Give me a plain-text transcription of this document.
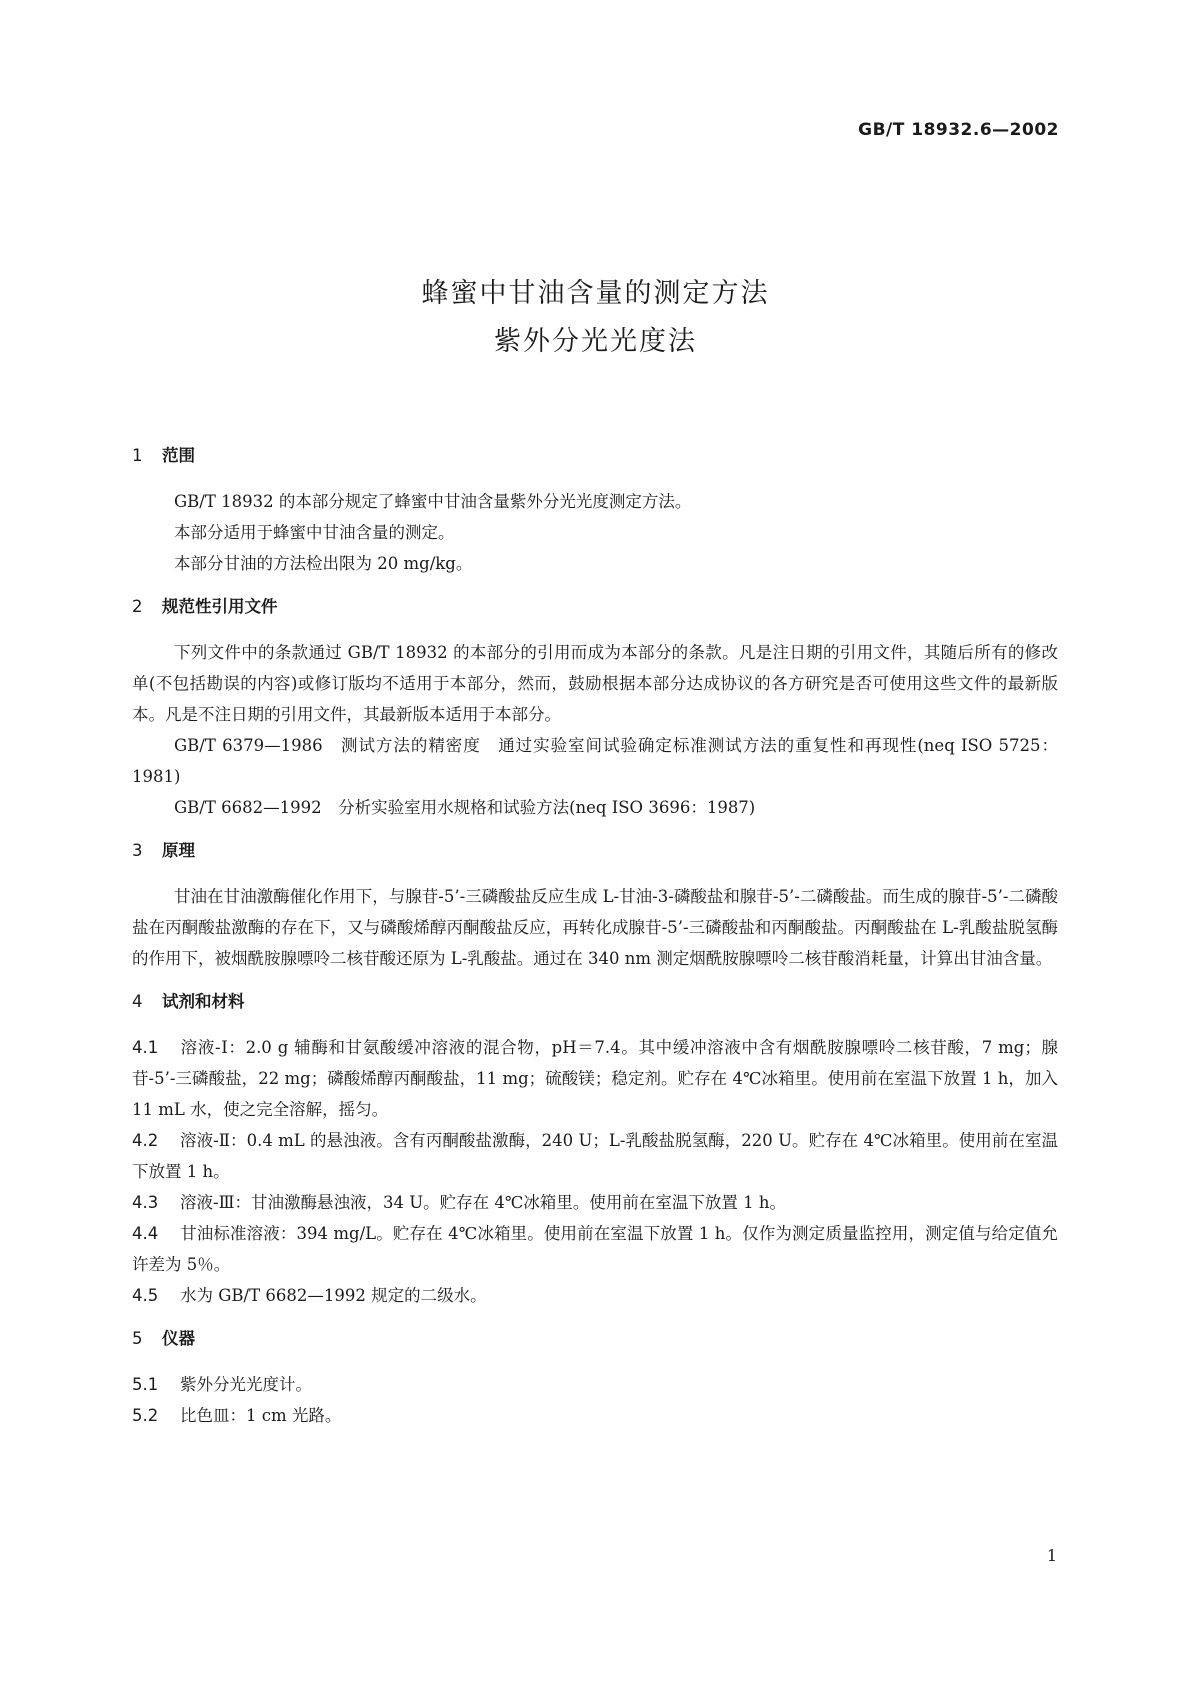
GB/T 18932.6—2002
蜂蜜中甘油含量的测定方法
紫外分光光度法
1 范围

GB/T 18932 的本部分规定了蜂蜜中甘油含量紫外分光光度测定方法。

本部分适用于蜂蜜中甘油含量的测定。

本部分甘油的方法检出限为 20 mg/kg。

2 规范性引用文件

下列文件中的条款通过 GB/T 18932 的本部分的引用而成为本部分的条款。凡是注日期的引用文件，其随后所有的修改单(不包括勘误的内容)或修订版均不适用于本部分，然而，鼓励根据本部分达成协议的各方研究是否可使用这些文件的最新版本。凡是不注日期的引用文件，其最新版本适用于本部分。

GB/T 6379—1986　测试方法的精密度　通过实验室间试验确定标准测试方法的重复性和再现性(neq ISO 5725：1981)

GB/T 6682—1992　分析实验室用水规格和试验方法(neq ISO 3696：1987)

3 原理

甘油在甘油激酶催化作用下，与腺苷-5’-三磷酸盐反应生成 L-甘油-3-磷酸盐和腺苷-5’-二磷酸盐。而生成的腺苷-5’-二磷酸盐在丙酮酸盐激酶的存在下，又与磷酸烯醇丙酮酸盐反应，再转化成腺苷-5’-三磷酸盐和丙酮酸盐。丙酮酸盐在 L-乳酸盐脱氢酶的作用下，被烟酰胺腺嘌呤二核苷酸还原为 L-乳酸盐。通过在 340 nm 测定烟酰胺腺嘌呤二核苷酸消耗量，计算出甘油含量。

4 试剂和材料

4.1 溶液-Ⅰ：2.0 g 辅酶和甘氨酸缓冲溶液的混合物，pH＝7.4。其中缓冲溶液中含有烟酰胺腺嘌呤二核苷酸，7 mg；腺苷-5’-三磷酸盐，22 mg；磷酸烯醇丙酮酸盐，11 mg；硫酸镁；稳定剂。贮存在 4℃冰箱里。使用前在室温下放置 1 h，加入 11 mL 水，使之完全溶解，摇匀。

4.2 溶液-Ⅱ：0.4 mL 的悬浊液。含有丙酮酸盐激酶，240 U；L-乳酸盐脱氢酶，220 U。贮存在 4℃冰箱里。使用前在室温下放置 1 h。

4.3 溶液-Ⅲ：甘油激酶悬浊液，34 U。贮存在 4℃冰箱里。使用前在室温下放置 1 h。

4.4 甘油标准溶液：394 mg/L。贮存在 4℃冰箱里。使用前在室温下放置 1 h。仅作为测定质量监控用，测定值与给定值允许差为 5％。

4.5 水为 GB/T 6682—1992 规定的二级水。

5 仪器

5.1 紫外分光光度计。

5.2 比色皿：1 cm 光路。

1
